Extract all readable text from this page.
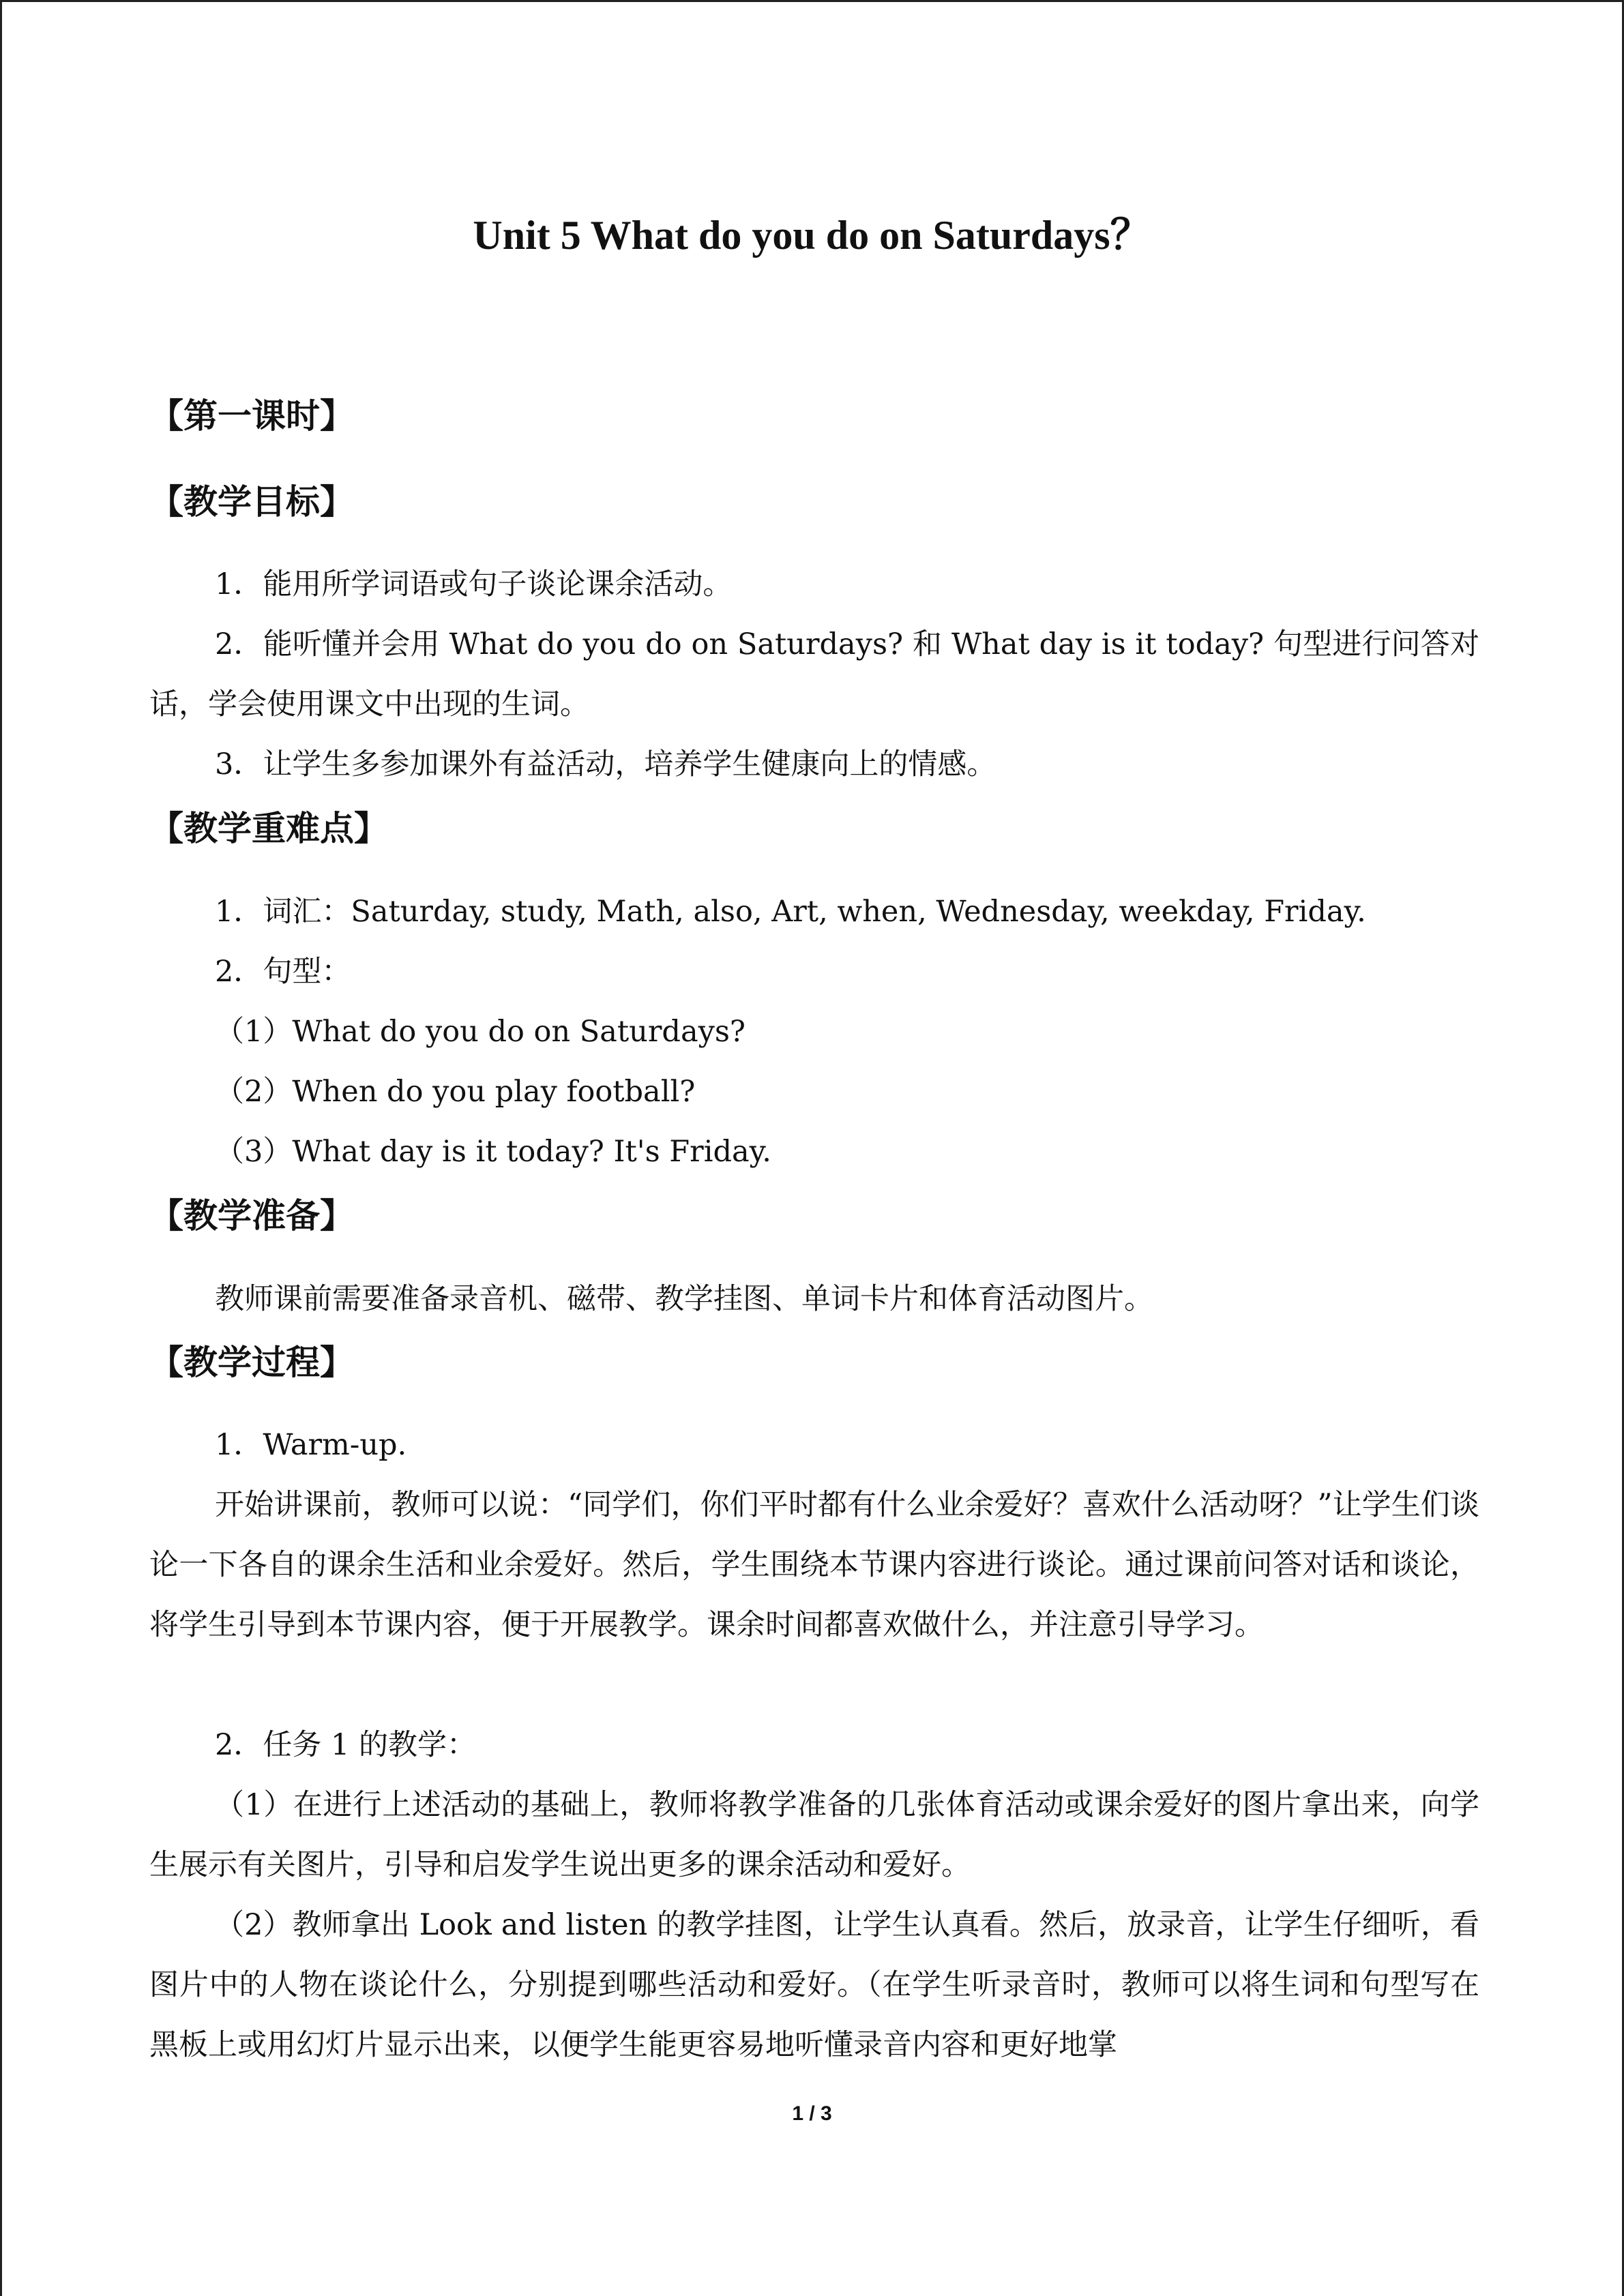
Unit 5 What do you do on Saturdays？
【第一课时】
【教学目标】

1．能用所学词语或句子谈论课余活动。

2．能听懂并会用 What do you do on Saturdays? 和 What day is it today? 句型进行问答对话，学会使用课文中出现的生词。

3．让学生多参加课外有益活动，培养学生健康向上的情感。

【教学重难点】
1．词汇：Saturday, study, Math, also, Art, when, Wednesday, weekday, Friday.
2．句型：
（1）What do you do on Saturdays?
（2）When do you play football?
（3）What day is it today? It's Friday.
【教学准备】

教师课前需要准备录音机、磁带、教学挂图、单词卡片和体育活动图片。

【教学过程】
1．Warm-up.

开始讲课前，教师可以说：“同学们，你们平时都有什么业余爱好？喜欢什么活动呀？”让学生们谈论一下各自的课余生活和业余爱好。然后，学生围绕本节课内容进行谈论。通过课前问答对话和谈论，将学生引导到本节课内容，便于开展教学。课余时间都喜欢做什么，并注意引导学习。

2．任务 1 的教学：

（1）在进行上述活动的基础上，教师将教学准备的几张体育活动或课余爱好的图片拿出来，向学生展示有关图片，引导和启发学生说出更多的课余活动和爱好。

（2）教师拿出 Look and listen 的教学挂图，让学生认真看。然后，放录音，让学生仔细听，看图片中的人物在谈论什么，分别提到哪些活动和爱好。（在学生听录音时，教师可以将生词和句型写在黑板上或用幻灯片显示出来，以便学生能更容易地听懂录音内容和更好地掌

1 / 3
